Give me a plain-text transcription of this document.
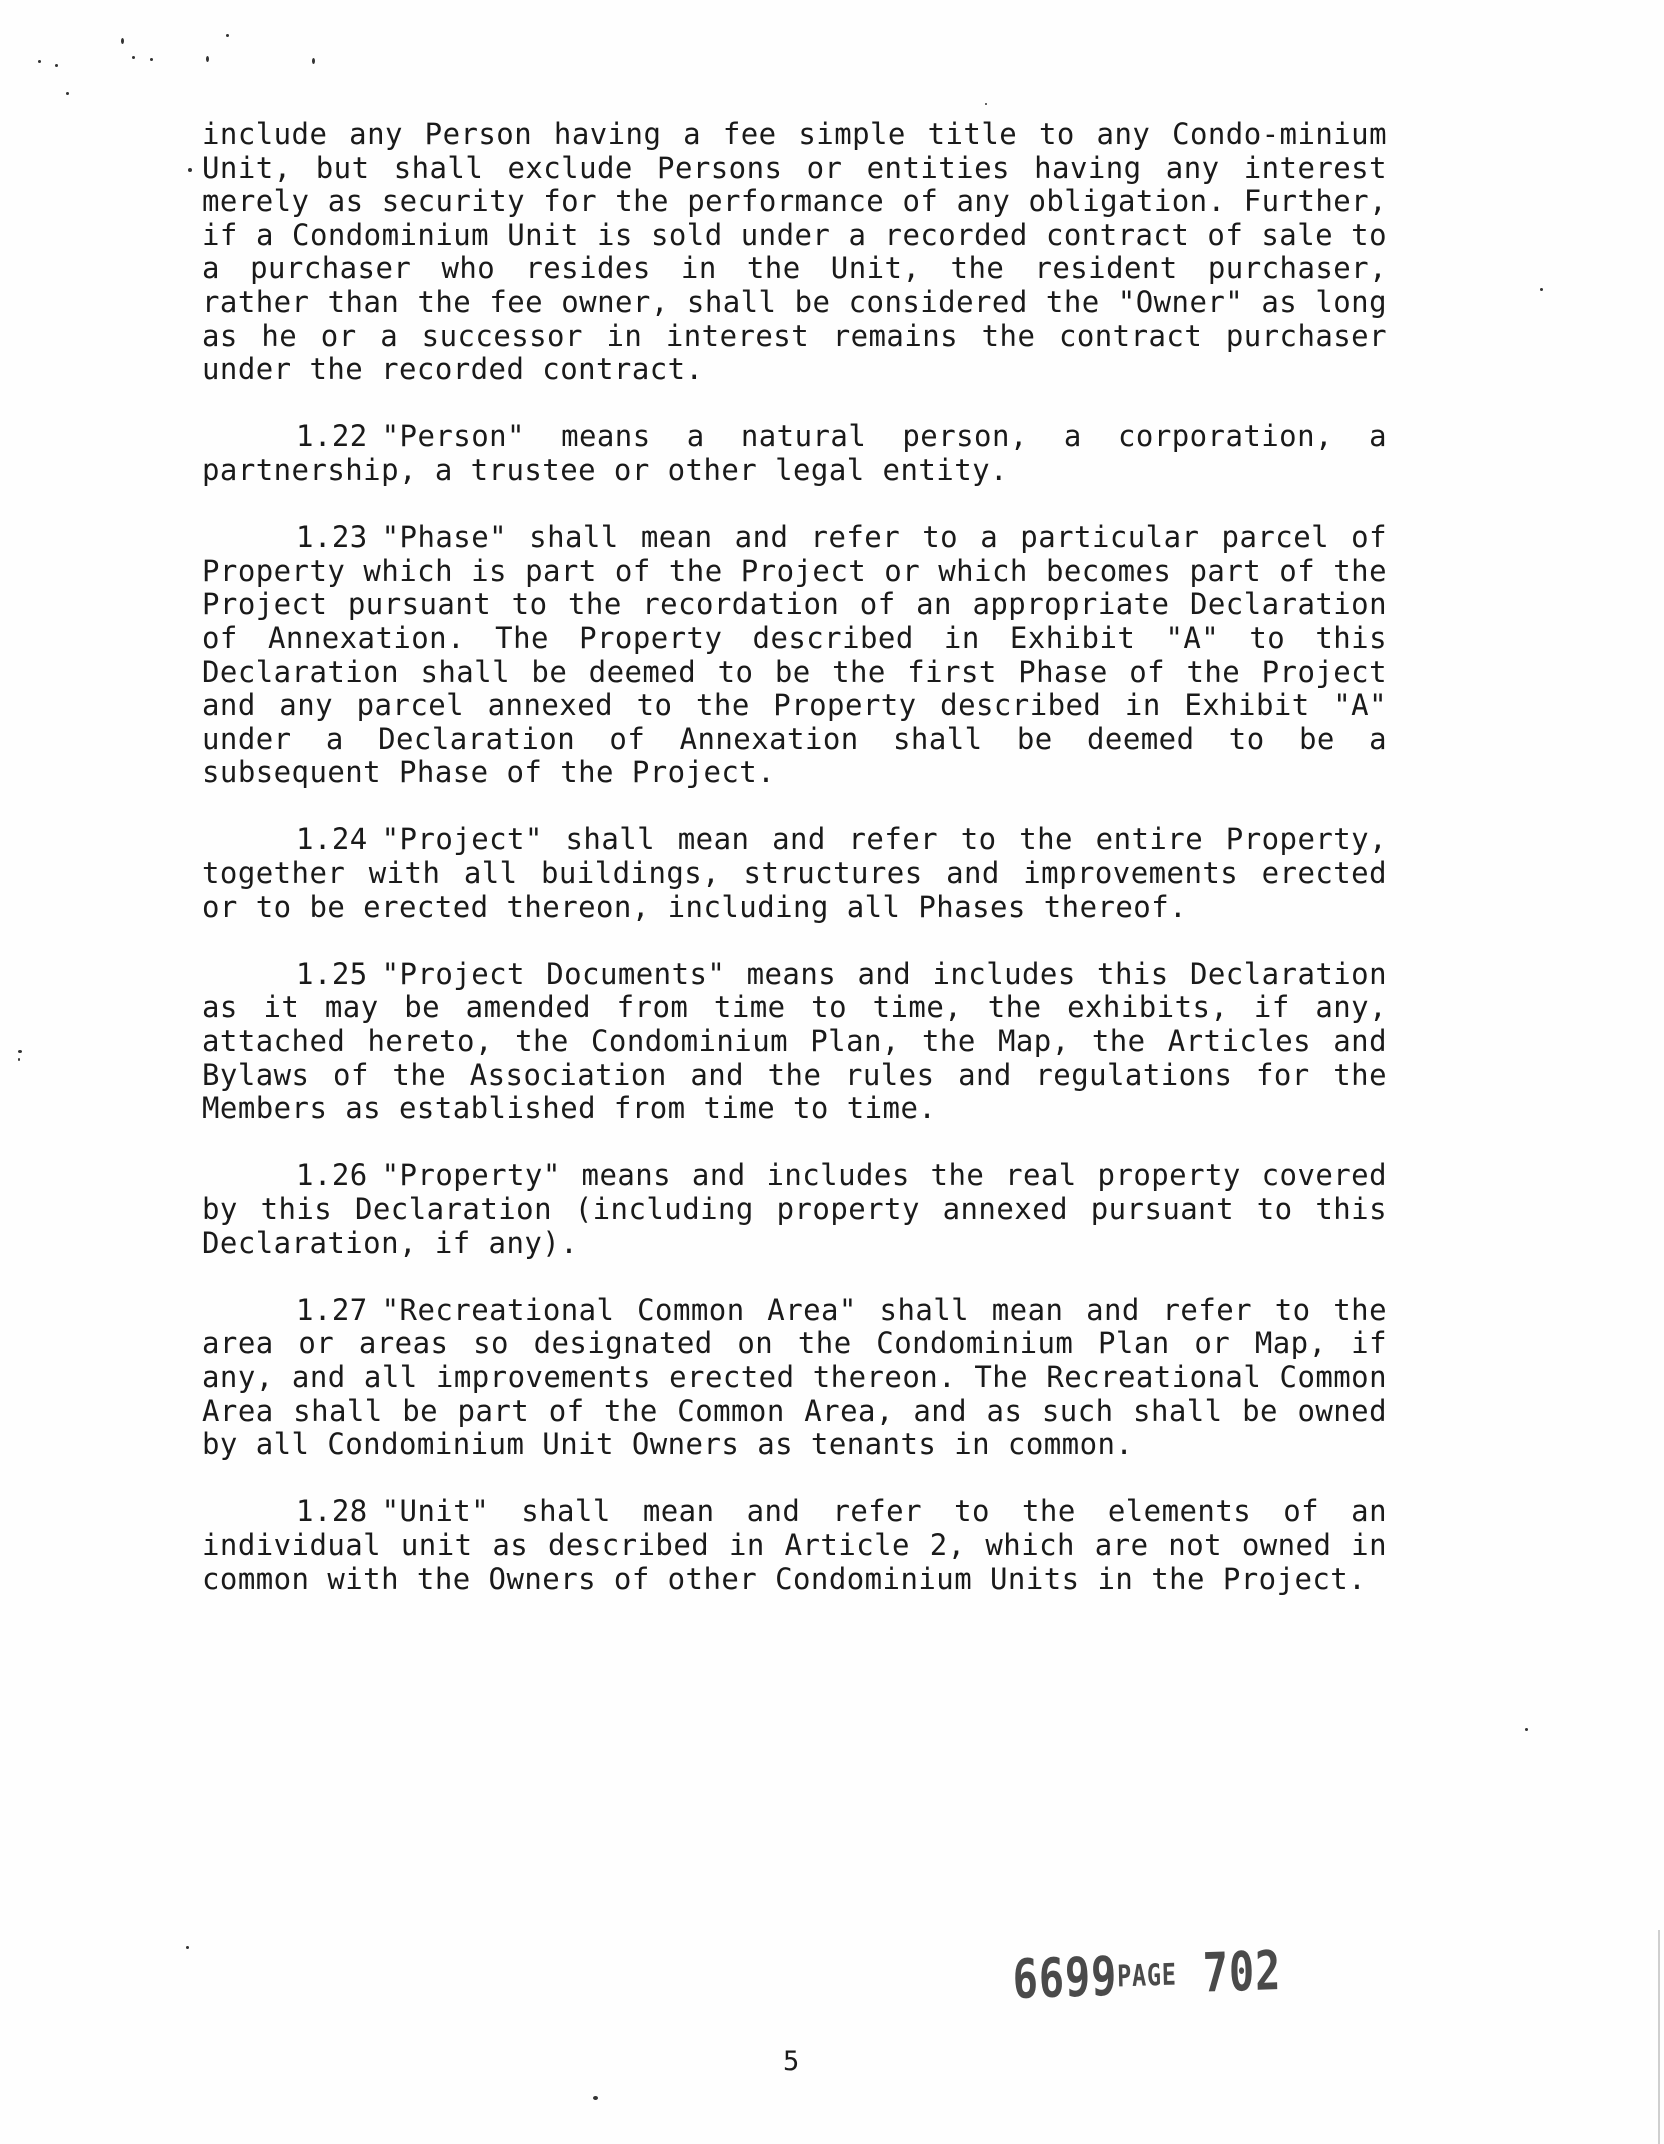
include any Person having a fee simple title to any Condo-minium Unit, but shall exclude Persons or entities having any interest merely as security for the performance of any obligation. Further, if a Condominium Unit is sold under a recorded contract of sale to a purchaser who resides in the Unit, the resident purchaser, rather than the fee owner, shall be considered the "Owner" as long as he or a successor in interest remains the contract purchaser under the recorded contract.

1.22 "Person" means a natural person, a corporation, a partnership, a trustee or other legal entity.

1.23 "Phase" shall mean and refer to a particular parcel of Property which is part of the Project or which becomes part of the Project pursuant to the recordation of an appropriate Declaration of Annexation. The Property described in Exhibit "A" to this Declaration shall be deemed to be the first Phase of the Project and any parcel annexed to the Property described in Exhibit "A" under a Declaration of Annexation shall be deemed to be a subsequent Phase of the Project.

1.24 "Project" shall mean and refer to the entire Property, together with all buildings, structures and improvements erected or to be erected thereon, including all Phases thereof.

1.25 "Project Documents" means and includes this Declaration as it may be amended from time to time, the exhibits, if any, attached hereto, the Condominium Plan, the Map, the Articles and Bylaws of the Association and the rules and regulations for the Members as established from time to time.

1.26 "Property" means and includes the real property covered by this Declaration (including property annexed pursuant to this Declaration, if any).

1.27 "Recreational Common Area" shall mean and refer to the area or areas so designated on the Condominium Plan or Map, if any, and all improvements erected thereon. The Recreational Common Area shall be part of the Common Area, and as such shall be owned by all Condominium Unit Owners as tenants in common.

1.28 "Unit" shall mean and refer to the elements of an individual unit as described in Article 2, which are not owned in common with the Owners of other Condominium Units in the Project.

6699PAGE 702
5
